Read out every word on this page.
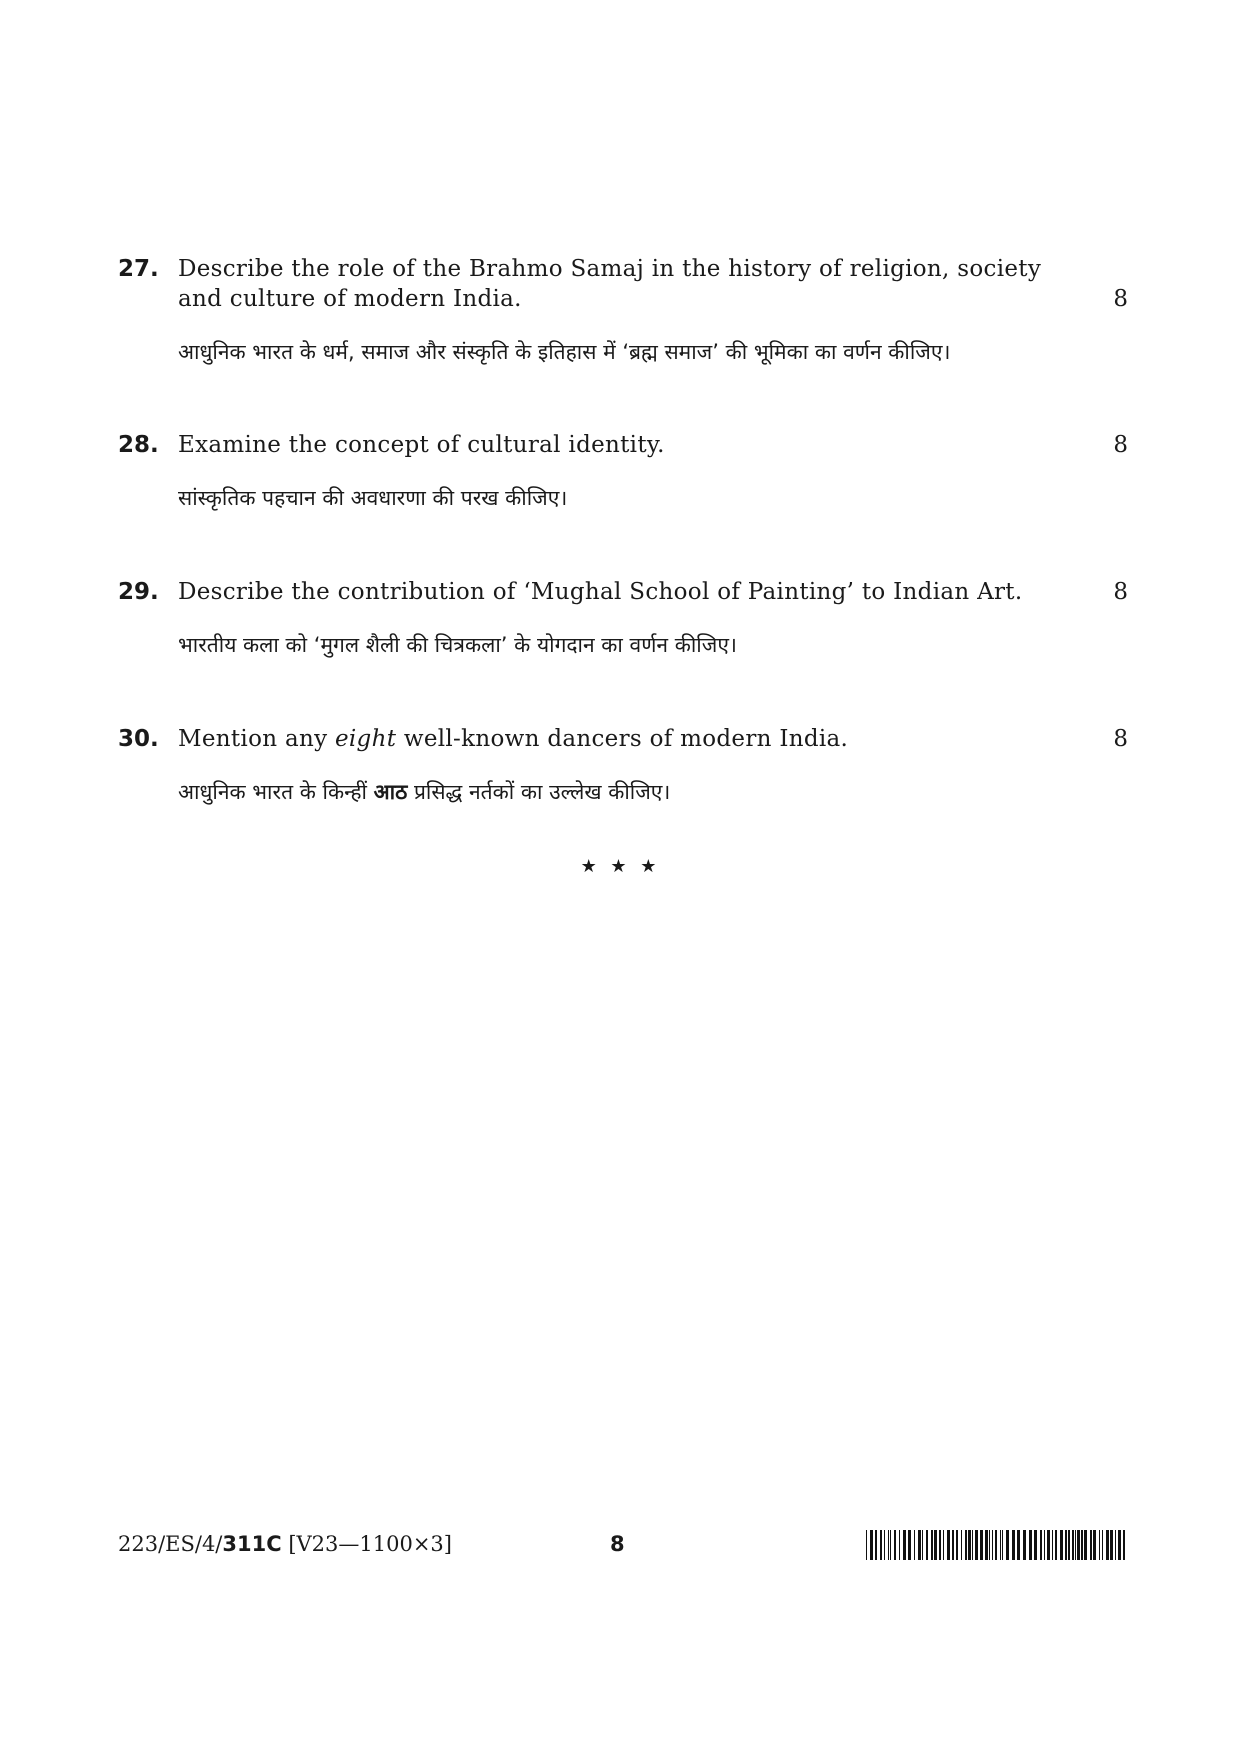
27. Describe the role of the Brahmo Samaj in the history of religion, society
and culture of modern India.	8
आधुनिक भारत के धर्म, समाज और संस्कृति के इतिहास में ‘ब्रह्म समाज’ की भूमिका का वर्णन कीजिए।
28. Examine the concept of cultural identity.	8
सांस्कृतिक पहचान की अवधारणा की परख कीजिए।
29. Describe the contribution of ‘Mughal School of Painting’ to Indian Art.	8
भारतीय कला को ‘मुगल शैली की चित्रकला’ के योगदान का वर्णन कीजिए।
30. Mention any eight well-known dancers of modern India.	8
आधुनिक भारत के किन्हीं आठ प्रसिद्ध नर्तकों का उल्लेख कीजिए।
★ ★ ★
223/ES/4/311C [V23—1100×3]	8
